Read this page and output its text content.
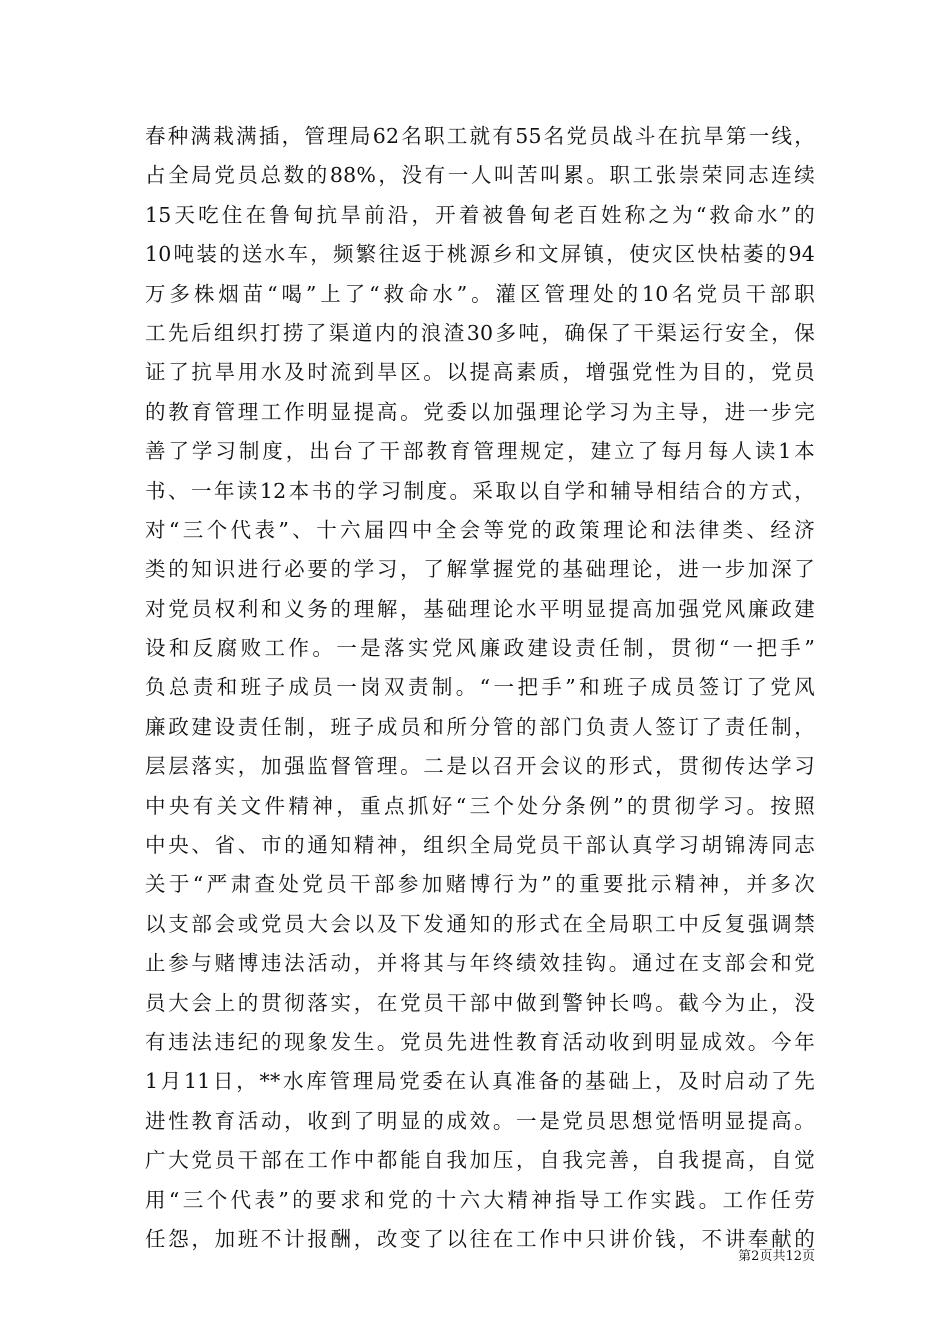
春种满栽满插，管理局62名职工就有55名党员战斗在抗旱第一线，
占全局党员总数的88%，没有一人叫苦叫累。职工张崇荣同志连续
15天吃住在鲁甸抗旱前沿，开着被鲁甸老百姓称之为“救命水”的
10吨装的送水车，频繁往返于桃源乡和文屏镇，使灾区快枯萎的94
万多株烟苗“喝”上了“救命水”。灌区管理处的10名党员干部职
工先后组织打捞了渠道内的浪渣30多吨，确保了干渠运行安全，保
证了抗旱用水及时流到旱区。以提高素质，增强党性为目的，党员
的教育管理工作明显提高。党委以加强理论学习为主导，进一步完
善了学习制度，出台了干部教育管理规定，建立了每月每人读1本
书、一年读12本书的学习制度。采取以自学和辅导相结合的方式，
对“三个代表”、十六届四中全会等党的政策理论和法律类、经济
类的知识进行必要的学习，了解掌握党的基础理论，进一步加深了
对党员权利和义务的理解，基础理论水平明显提高加强党风廉政建
设和反腐败工作。一是落实党风廉政建设责任制，贯彻“一把手”
负总责和班子成员一岗双责制。“一把手”和班子成员签订了党风
廉政建设责任制，班子成员和所分管的部门负责人签订了责任制，
层层落实，加强监督管理。二是以召开会议的形式，贯彻传达学习
中央有关文件精神，重点抓好“三个处分条例”的贯彻学习。按照
中央、省、市的通知精神，组织全局党员干部认真学习胡锦涛同志
关于“严肃查处党员干部参加赌博行为”的重要批示精神，并多次
以支部会或党员大会以及下发通知的形式在全局职工中反复强调禁
止参与赌博违法活动，并将其与年终绩效挂钩。通过在支部会和党
员大会上的贯彻落实，在党员干部中做到警钟长鸣。截今为止，没
有违法违纪的现象发生。党员先进性教育活动收到明显成效。今年
1月11日，**水库管理局党委在认真准备的基础上，及时启动了先
进性教育活动，收到了明显的成效。一是党员思想觉悟明显提高。
广大党员干部在工作中都能自我加压，自我完善，自我提高，自觉
用“三个代表”的要求和党的十六大精神指导工作实践。工作任劳
任怨，加班不计报酬，改变了以往在工作中只讲价钱，不讲奉献的
第2页共12页
